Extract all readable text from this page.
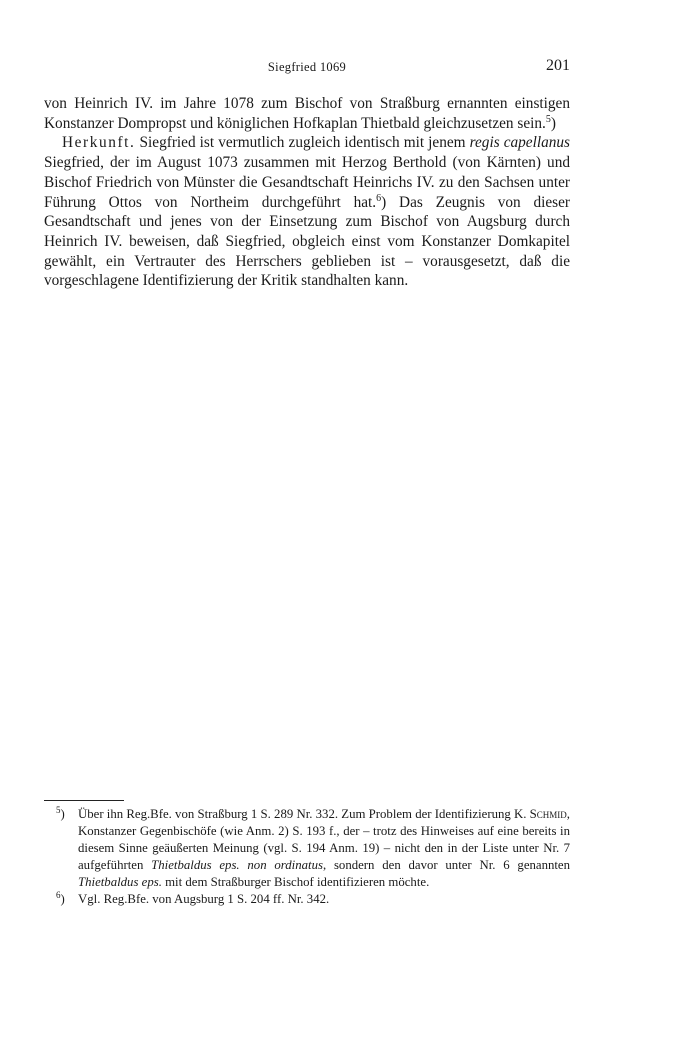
Siegfried 1069	201

von Heinrich IV. im Jahre 1078 zum Bischof von Straßburg ernannten einstigen Konstanzer Dompropst und königlichen Hofkaplan Thietbald gleichzusetzen sein.$^5$)

Herkunft. Siegfried ist vermutlich zugleich identisch mit jenem regis capellanus Siegfried, der im August 1073 zusammen mit Herzog Berthold (von Kärnten) und Bischof Friedrich von Münster die Gesandtschaft Heinrichs IV. zu den Sachsen unter Führung Ottos von Northeim durchgeführt hat.$^6$) Das Zeugnis von dieser Gesandtschaft und jenes von der Einsetzung zum Bischof von Augsburg durch Heinrich IV. beweisen, daß Siegfried, obgleich einst vom Konstanzer Domkapitel gewählt, ein Vertrauter des Herrschers geblieben ist – vorausgesetzt, daß die vorgeschlagene Identifizierung der Kritik standhalten kann.

$^5$) Über ihn Reg.Bfe. von Straßburg 1 S. 289 Nr. 332. Zum Problem der Identifizierung K. Schmid, Konstanzer Gegenbischöfe (wie Anm. 2) S. 193 f., der – trotz des Hinweises auf eine bereits in diesem Sinne geäußerten Meinung (vgl. S. 194 Anm. 19) – nicht den in der Liste unter Nr. 7 aufgeführten Thietbaldus eps. non ordinatus, sondern den davor unter Nr. 6 genannten Thietbaldus eps. mit dem Straßburger Bischof identifizieren möchte.

$^6$) Vgl. Reg.Bfe. von Augsburg 1 S. 204 ff. Nr. 342.
